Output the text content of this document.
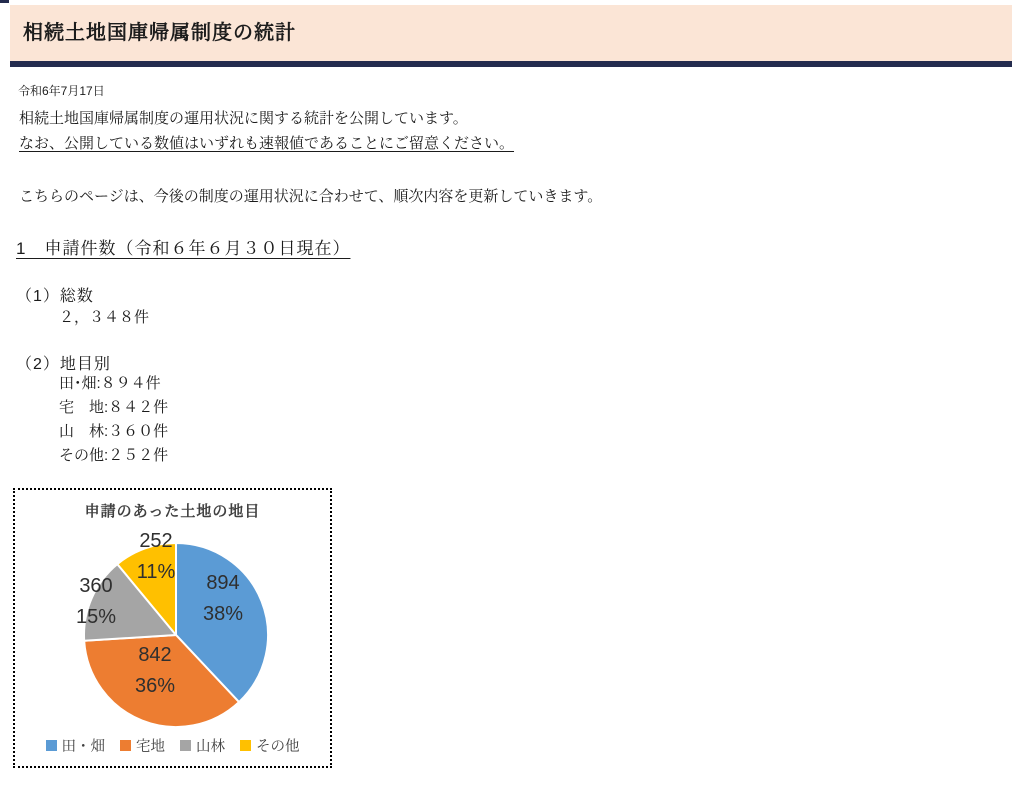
相続土地国庫帰属制度の統計
令和6年7月17日
相続土地国庫帰属制度の運用状況に関する統計を公開しています。
なお、公開している数値はいずれも速報値であることにご留意ください。
こちらのページは、今後の制度の運用状況に合わせて、順次内容を更新していきます。
1　申請件数（令和６年６月３０日現在）
（1）総数
２，３４８件
（2）地目別
田･畑:８９４件
宅　地:８４２件
山　林:３６０件
その他:２５２件
申請のあった土地の地目
894
38%
842
36%
360
15%
252
11%
田・畑 宅地 山林 その他
